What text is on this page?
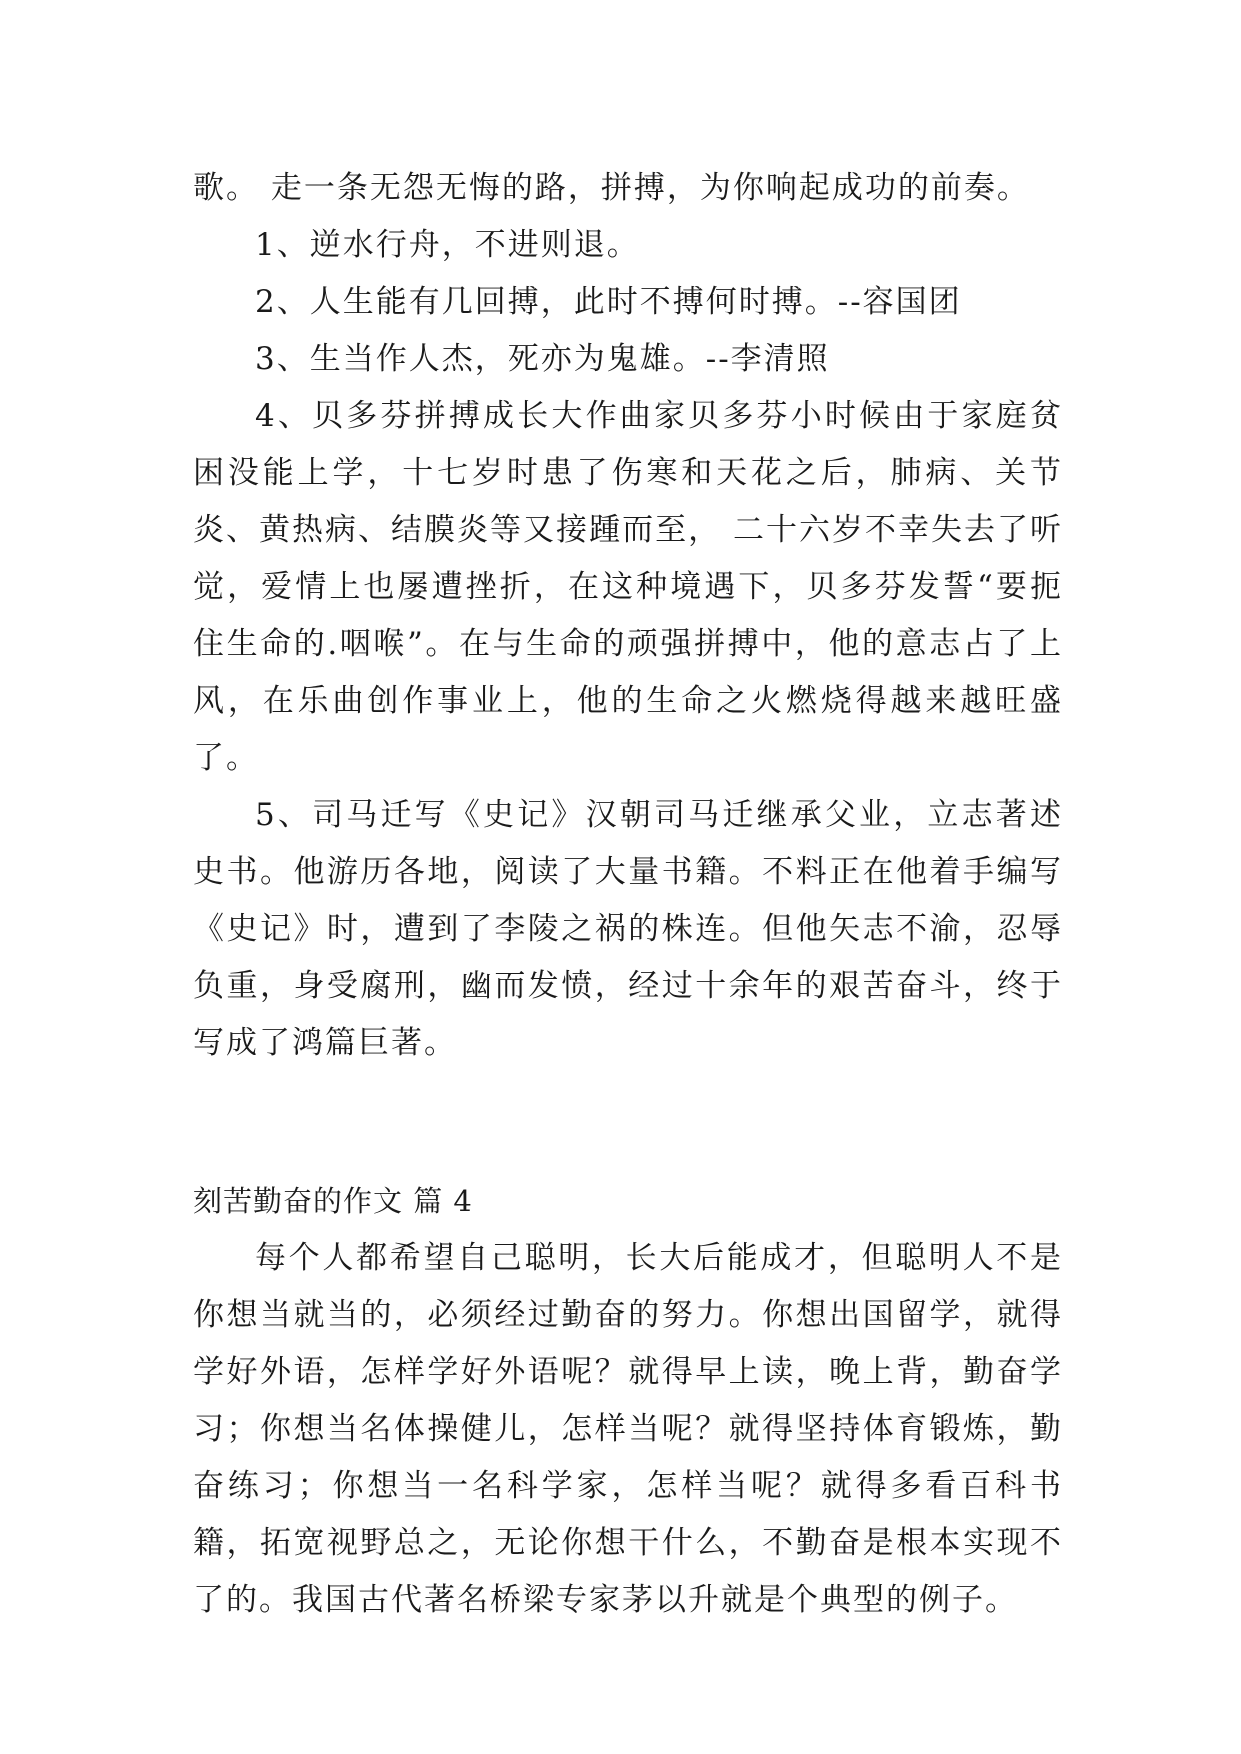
歌。 走一条无怨无悔的路，拼搏，为你响起成功的前奏。

1、逆水行舟，不进则退。

2、人生能有几回搏，此时不搏何时搏。--容国团

3、生当作人杰，死亦为鬼雄。--李清照

4、贝多芬拼搏成长大作曲家贝多芬小时候由于家庭贫困没能上学，十七岁时患了伤寒和天花之后，肺病、关节炎、黄热病、结膜炎等又接踵而至， 二十六岁不幸失去了听觉，爱情上也屡遭挫折，在这种境遇下，贝多芬发誓“要扼住生命的.咽喉”。在与生命的顽强拼搏中，他的意志占了上风，在乐曲创作事业上，他的生命之火燃烧得越来越旺盛了。

5、司马迁写《史记》汉朝司马迁继承父业，立志著述史书。他游历各地，阅读了大量书籍。不料正在他着手编写《史记》时，遭到了李陵之祸的株连。但他矢志不渝，忍辱负重，身受腐刑，幽而发愤，经过十余年的艰苦奋斗，终于写成了鸿篇巨著。

刻苦勤奋的作文 篇 4

每个人都希望自己聪明，长大后能成才，但聪明人不是你想当就当的，必须经过勤奋的努力。你想出国留学，就得学好外语，怎样学好外语呢？就得早上读，晚上背，勤奋学习；你想当名体操健儿，怎样当呢？就得坚持体育锻炼，勤奋练习；你想当一名科学家，怎样当呢？就得多看百科书籍，拓宽视野总之，无论你想干什么，不勤奋是根本实现不了的。我国古代著名桥梁专家茅以升就是个典型的例子。
